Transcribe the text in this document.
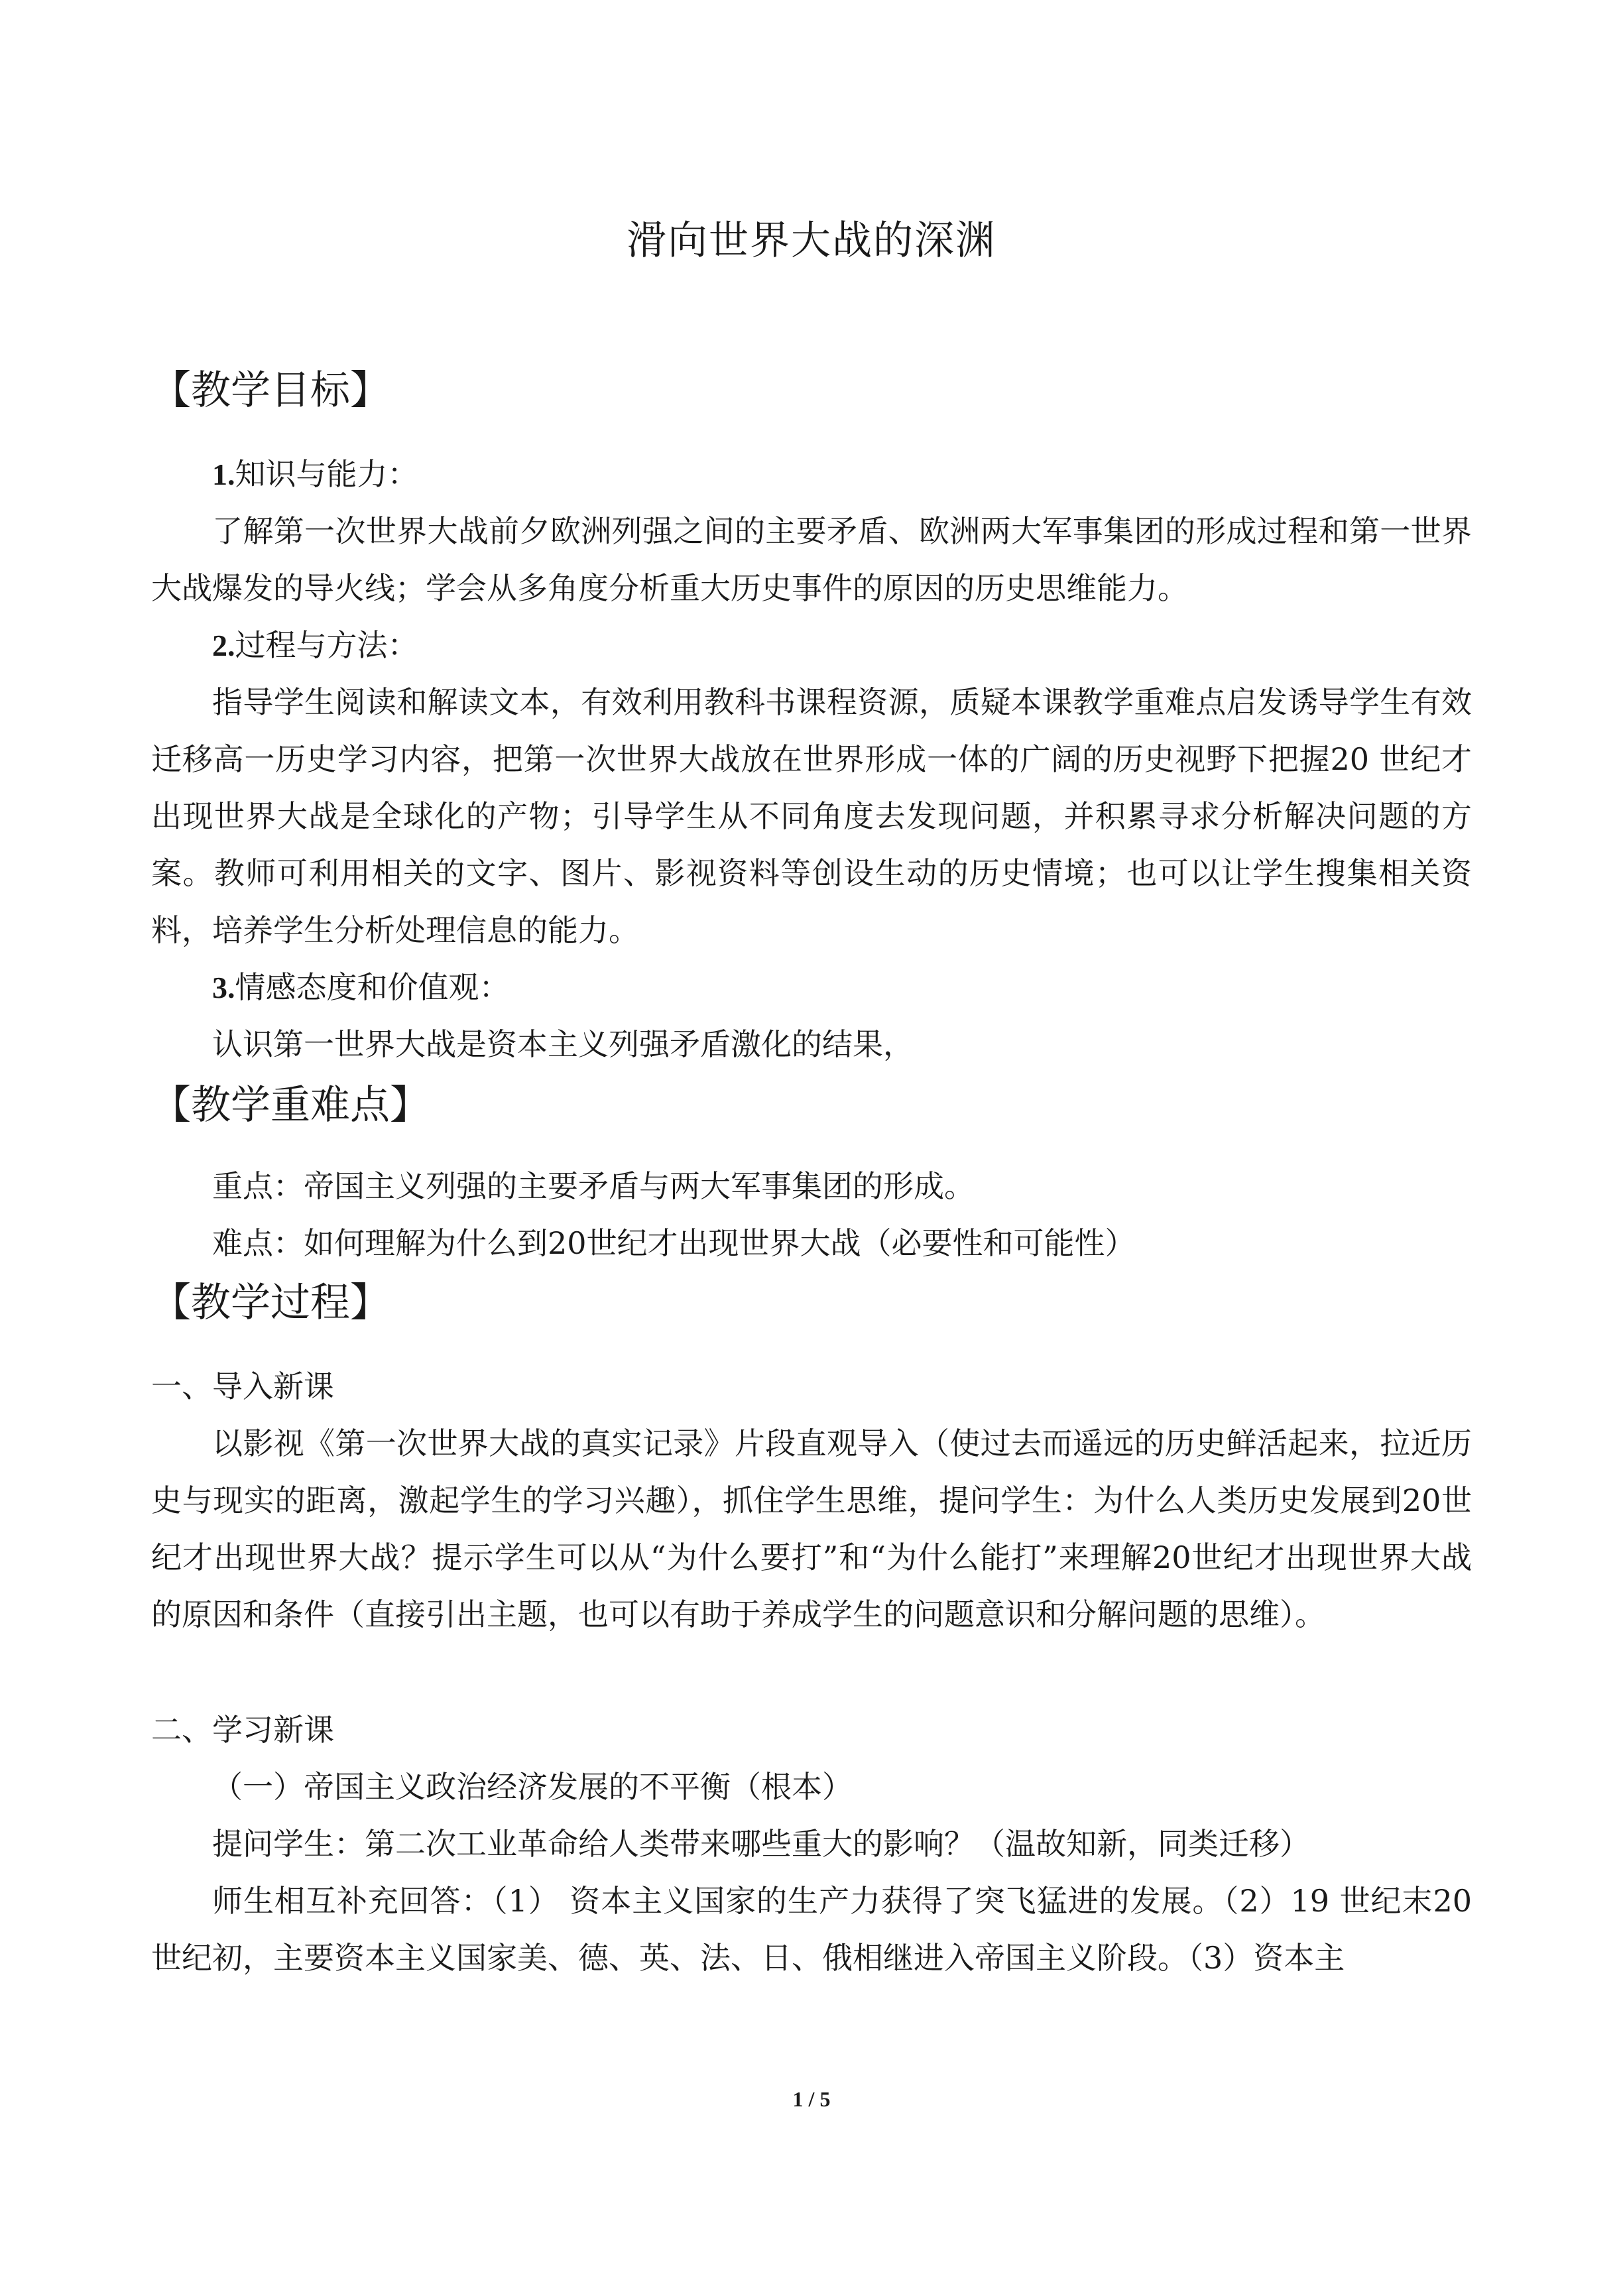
滑向世界大战的深渊
【教学目标】

1.知识与能力：

了解第一次世界大战前夕欧洲列强之间的主要矛盾、欧洲两大军事集团的形成过程和第一世界大战爆发的导火线；学会从多角度分析重大历史事件的原因的历史思维能力。

2.过程与方法：

指导学生阅读和解读文本，有效利用教科书课程资源，质疑本课教学重难点启发诱导学生有效迁移高一历史学习内容，把第一次世界大战放在世界形成一体的广阔的历史视野下把握20 世纪才出现世界大战是全球化的产物；引导学生从不同角度去发现问题，并积累寻求分析解决问题的方案。教师可利用相关的文字、图片、影视资料等创设生动的历史情境；也可以让学生搜集相关资料，培养学生分析处理信息的能力。

3.情感态度和价值观：

认识第一世界大战是资本主义列强矛盾激化的结果，

【教学重难点】

重点：帝国主义列强的主要矛盾与两大军事集团的形成。

难点：如何理解为什么到20世纪才出现世界大战（必要性和可能性）

【教学过程】

一、导入新课

以影视《第一次世界大战的真实记录》片段直观导入（使过去而遥远的历史鲜活起来，拉近历史与现实的距离，激起学生的学习兴趣），抓住学生思维，提问学生：为什么人类历史发展到20世纪才出现世界大战？提示学生可以从“为什么要打”和“为什么能打”来理解20世纪才出现世界大战的原因和条件（直接引出主题，也可以有助于养成学生的问题意识和分解问题的思维）。

二、学习新课

（一）帝国主义政治经济发展的不平衡（根本）

提问学生：第二次工业革命给人类带来哪些重大的影响？（温故知新，同类迁移）

师生相互补充回答：（1） 资本主义国家的生产力获得了突飞猛进的发展。（2）19 世纪末20 世纪初，主要资本主义国家美、德、英、法、日、俄相继进入帝国主义阶段。（3）资本主

1 / 5
